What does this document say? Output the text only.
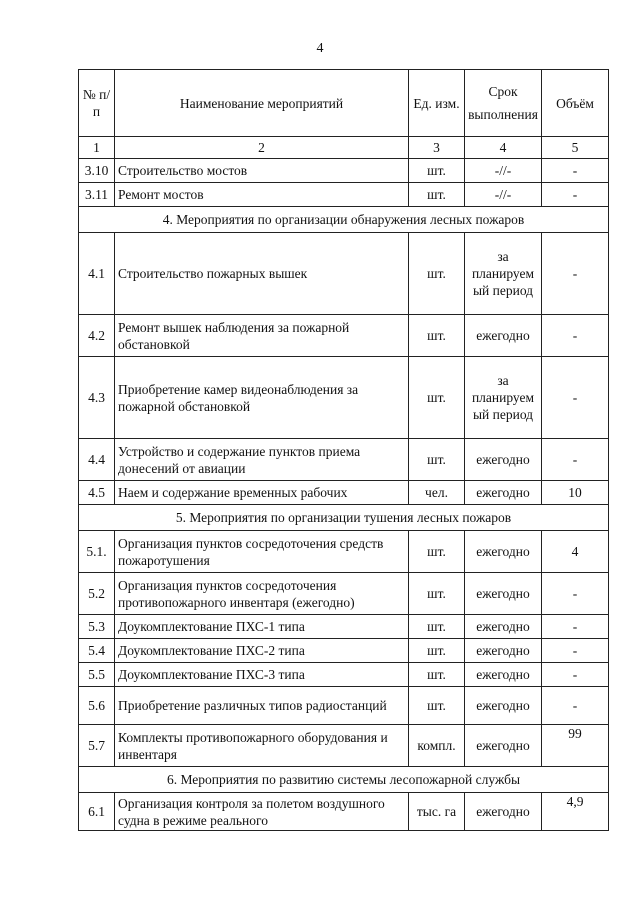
4
№ п/п	Наименование мероприятий	Ед. изм.	Срок выполнения	Объём
1	2	3	4	5
3.10	Строительство мостов	шт.	-//-	-
3.11	Ремонт мостов	шт.	-//-	-
4. Мероприятия по организации обнаружения лесных пожаров				
4.1	Строительство пожарных вышек	шт.	за планируемый период	-
4.2	Ремонт вышек наблюдения за пожарной обстановкой	шт.	ежегодно	-
4.3	Приобретение камер видеонаблюдения за пожарной обстановкой	шт.	за планируемый период	-
4.4	Устройство и содержание пунктов приема донесений от авиации	шт.	ежегодно	-
4.5	Наем и содержание временных рабочих	чел.	ежегодно	10
5. Мероприятия по организации тушения лесных пожаров				
5.1.	Организация пунктов сосредоточения средств пожаротушения	шт.	ежегодно	4
5.2	Организация пунктов сосредоточения противопожарного инвентаря (ежегодно)	шт.	ежегодно	-
5.3	Доукомплектование ПХС-1 типа	шт.	ежегодно	-
5.4	Доукомплектование ПХС-2 типа	шт.	ежегодно	-
5.5	Доукомплектование ПХС-3 типа	шт.	ежегодно	-
5.6	Приобретение различных типов радиостанций	шт.	ежегодно	-
5.7	Комплекты противопожарного оборудования и инвентаря	компл.	ежегодно	99
6. Мероприятия по развитию системы лесопожарной службы				
6.1	Организация контроля за полетом воздушного судна в режиме реального	тыс. га	ежегодно	4,9
